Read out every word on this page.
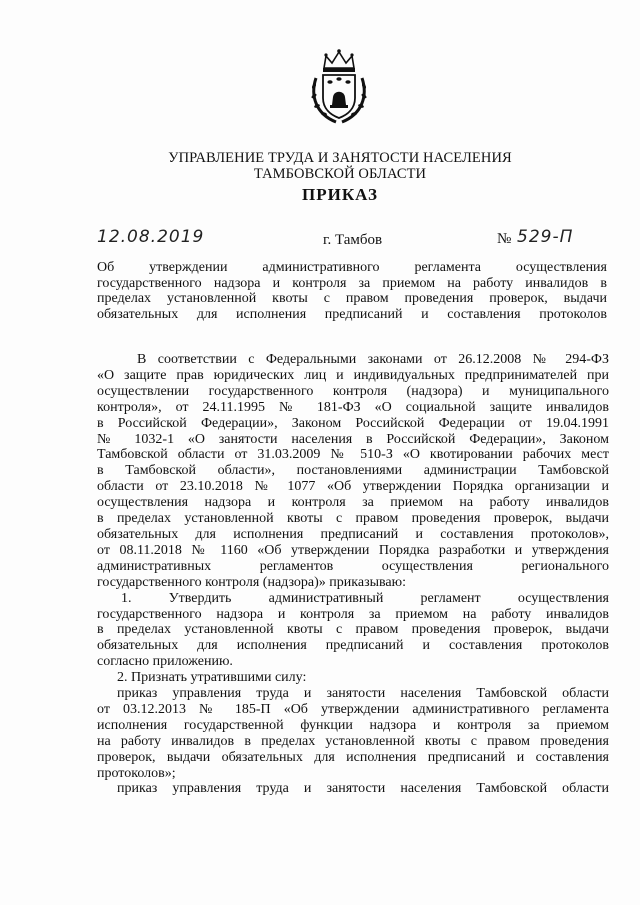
УПРАВЛЕНИЕ ТРУДА И ЗАНЯТОСТИ НАСЕЛЕНИЯ
ТАМБОВСКОЙ ОБЛАСТИ
ПРИКАЗ
12.08.2019	г. Тамбов	№ 529-П
Об утверждении административного регламента осуществления
государственного надзора и контроля за приемом на работу инвалидов в
пределах установленной квоты с правом проведения проверок, выдачи
обязательных для исполнения предписаний и составления протоколов
В соответствии с Федеральными законами от 26.12.2008 № 294-ФЗ
«О защите прав юридических лиц и индивидуальных предпринимателей при
осуществлении государственного контроля (надзора) и муниципального
контроля», от 24.11.1995 № 181-ФЗ «О социальной защите инвалидов
в Российской Федерации», Законом Российской Федерации от 19.04.1991
№ 1032-1 «О занятости населения в Российской Федерации», Законом
Тамбовской области от 31.03.2009 № 510-З «О квотировании рабочих мест
в Тамбовской области», постановлениями администрации Тамбовской
области от 23.10.2018 № 1077 «Об утверждении Порядка организации и
осуществления надзора и контроля за приемом на работу инвалидов
в пределах установленной квоты с правом проведения проверок, выдачи
обязательных для исполнения предписаний и составления протоколов»,
от 08.11.2018 № 1160 «Об утверждении Порядка разработки и утверждения
административных регламентов осуществления регионального
государственного контроля (надзора)» приказываю:
1. Утвердить административный регламент осуществления
государственного надзора и контроля за приемом на работу инвалидов
в пределах установленной квоты с правом проведения проверок, выдачи
обязательных для исполнения предписаний и составления протоколов
согласно приложению.
2. Признать утратившими силу:
приказ управления труда и занятости населения Тамбовской области
от 03.12.2013 № 185-П «Об утверждении административного регламента
исполнения государственной функции надзора и контроля за приемом
на работу инвалидов в пределах установленной квоты с правом проведения
проверок, выдачи обязательных для исполнения предписаний и составления
протоколов»;
приказ управления труда и занятости населения Тамбовской области
